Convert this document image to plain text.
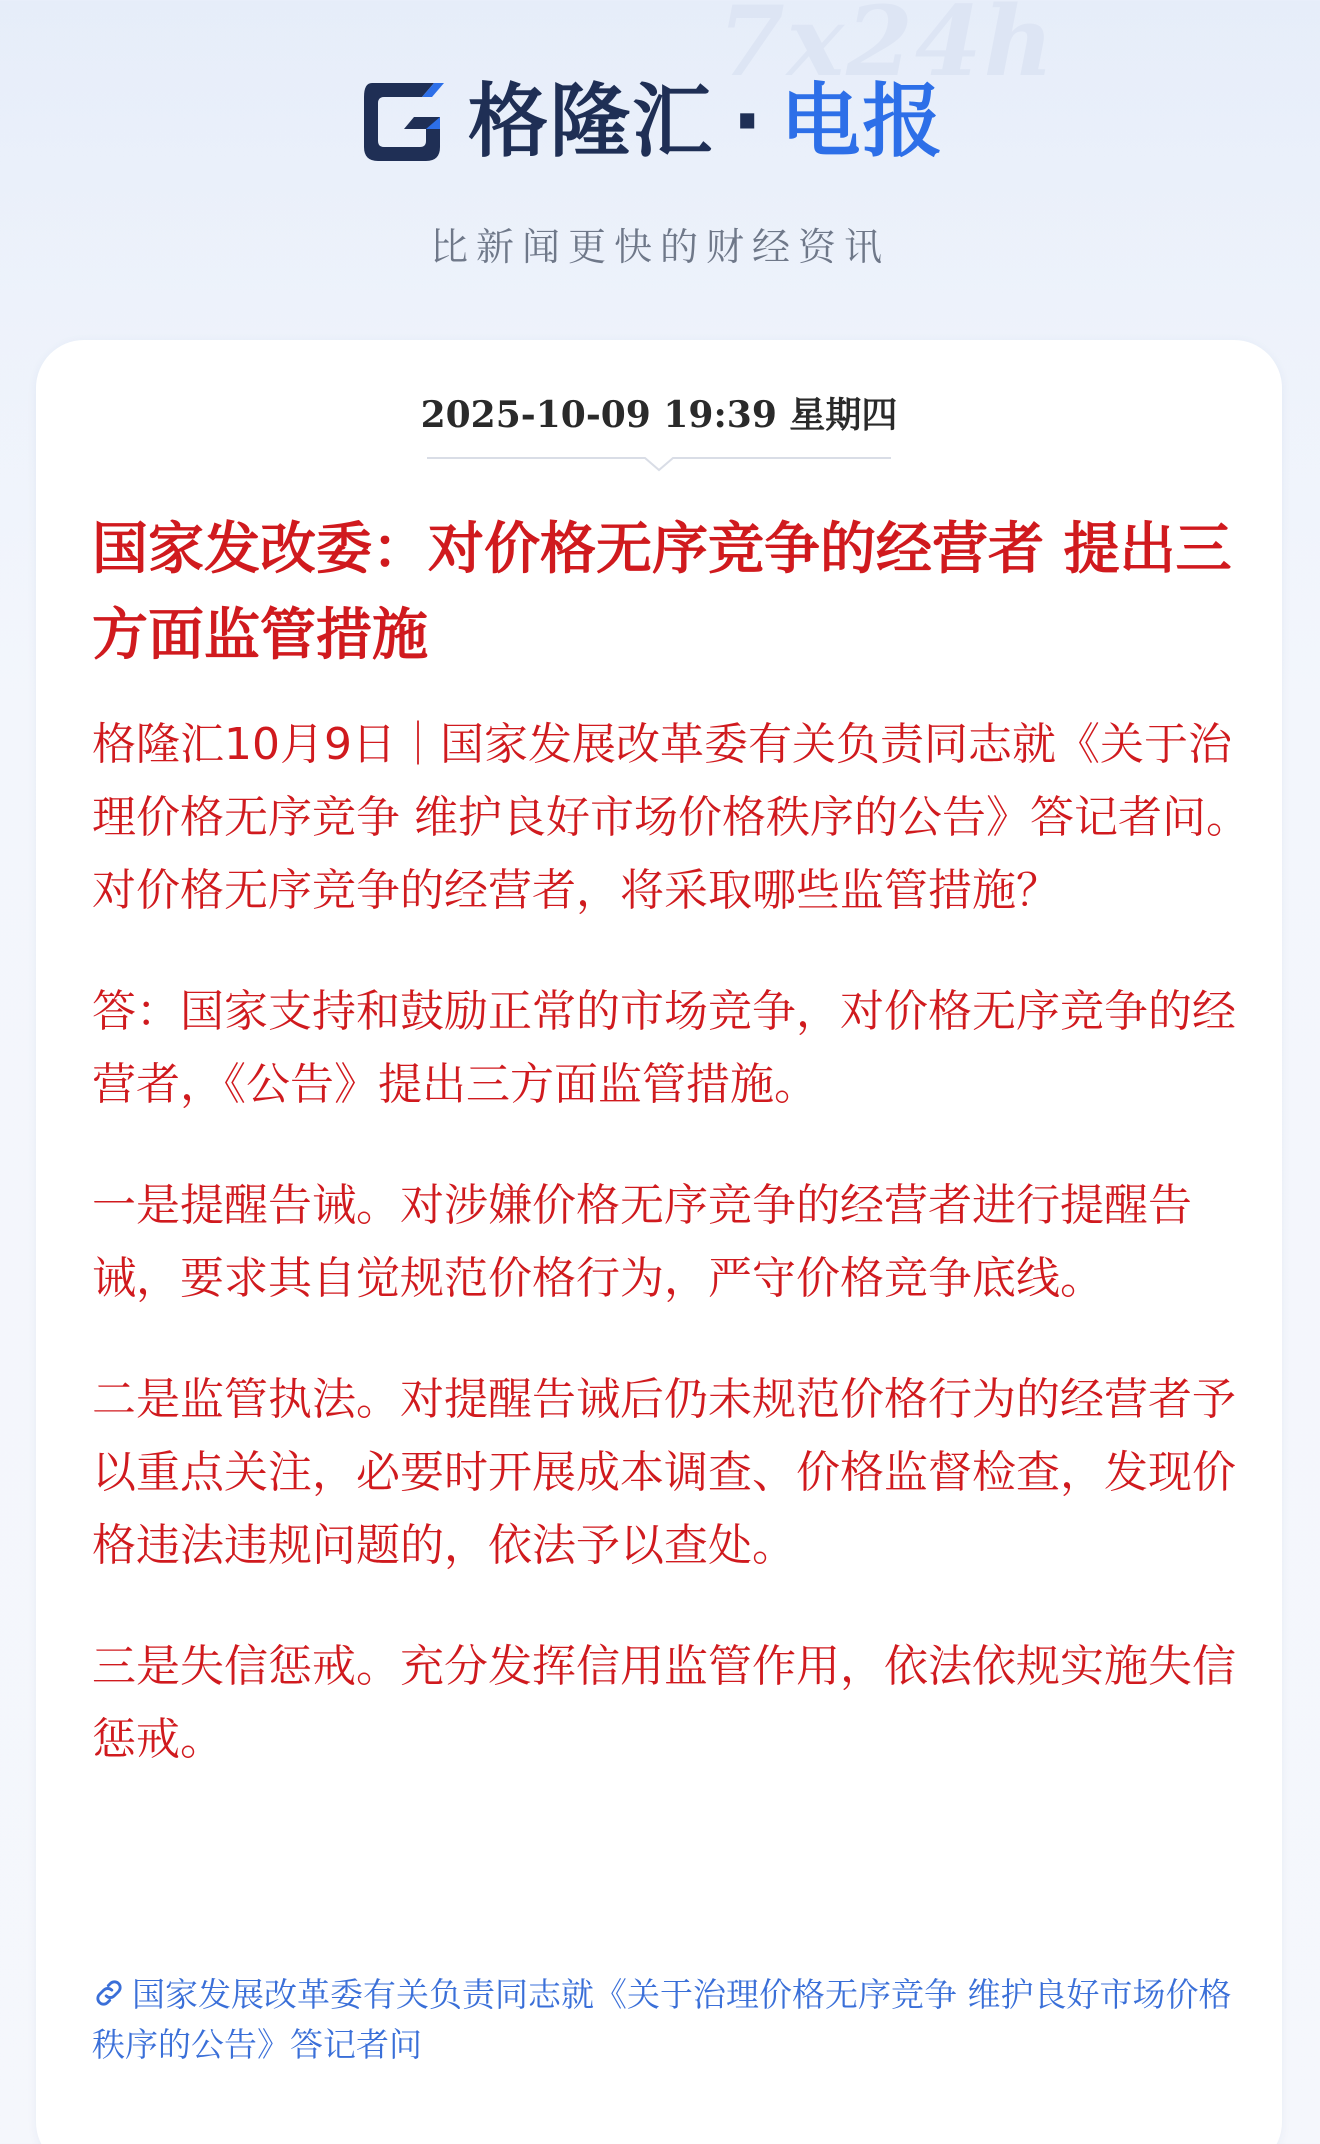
7x24h
格隆汇 · 电报
比新闻更快的财经资讯
2025-10-09 19:39 星期四
国家发改委：对价格无序竞争的经营者 提出三方面监管措施

格隆汇10月9日｜国家发展改革委有关负责同志就《关于治理价格无序竞争 维护良好市场价格秩序的公告》答记者问。对价格无序竞争的经营者，将采取哪些监管措施？

答：国家支持和鼓励正常的市场竞争，对价格无序竞争的经营者，《公告》提出三方面监管措施。

一是提醒告诫。对涉嫌价格无序竞争的经营者进行提醒告诫，要求其自觉规范价格行为，严守价格竞争底线。

二是监管执法。对提醒告诫后仍未规范价格行为的经营者予以重点关注，必要时开展成本调查、价格监督检查，发现价格违法违规问题的，依法予以查处。

三是失信惩戒。充分发挥信用监管作用，依法依规实施失信惩戒。

国家发展改革委有关负责同志就《关于治理价格无序竞争 维护良好市场价格秩序的公告》答记者问
